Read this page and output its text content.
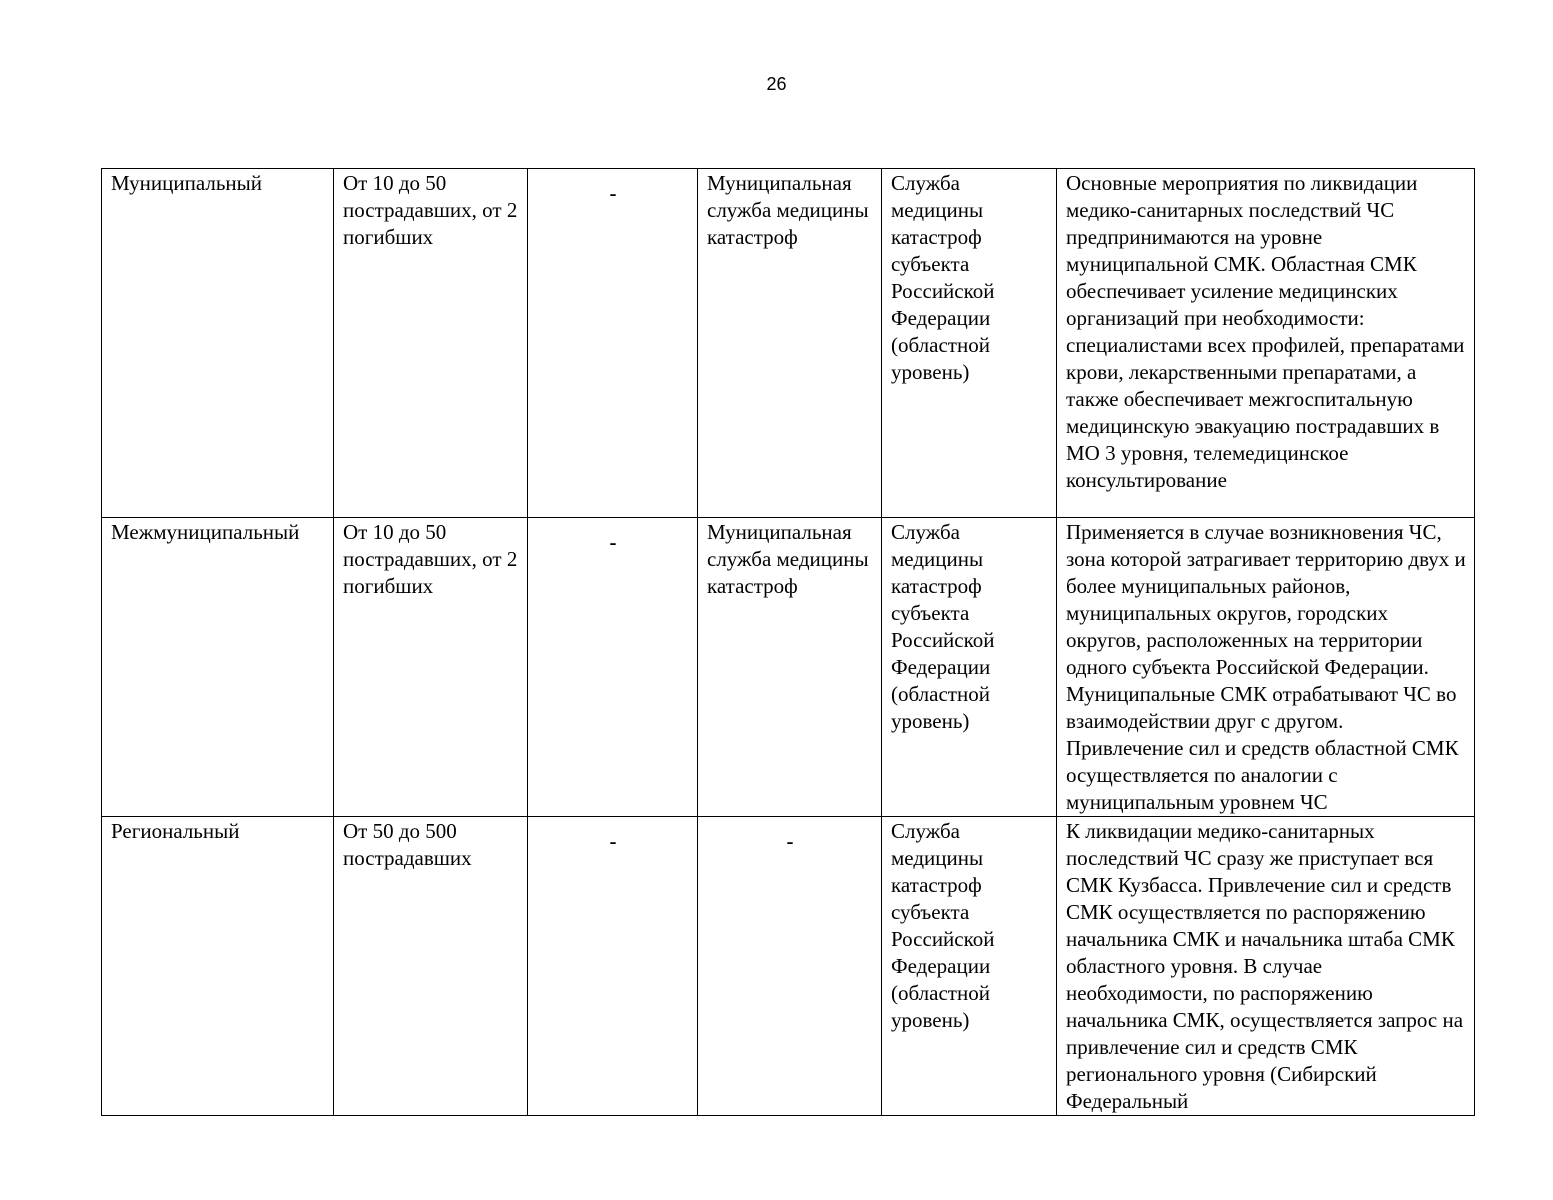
26
Муниципальный	От 10 до 50 пострадавших, от 2 погибших	-	Муниципальная служба медицины катастроф	Служба медицины катастроф субъекта Российской Федерации (областной уровень)	Основные мероприятия по ликвидации медико-санитарных последствий ЧС предпринимаются на уровне муниципальной СМК. Областная СМК обеспечивает усиление медицинских организаций при необходимости: специалистами всех профилей, препаратами крови, лекарственными препаратами, а также обеспечивает межгоспитальную медицинскую эвакуацию пострадавших в МО 3 уровня, телемедицинское консультирование
Межмуниципальный	От 10 до 50 пострадавших, от 2 погибших	-	Муниципальная служба медицины катастроф	Служба медицины катастроф субъекта Российской Федерации (областной уровень)	Применяется в случае возникновения ЧС, зона которой затрагивает территорию двух и более муниципальных районов, муниципальных округов, городских округов, расположенных на территории одного субъекта Российской Федерации. Муниципальные СМК отрабатывают ЧС во взаимодействии друг с другом. Привлечение сил и средств областной СМК осуществляется по аналогии с муниципальным уровнем ЧС
Региональный	От 50 до 500 пострадавших	-	-	Служба медицины катастроф субъекта Российской Федерации (областной уровень)	К ликвидации медико-санитарных последствий ЧС сразу же приступает вся СМК Кузбасса. Привлечение сил и средств СМК осуществляется по распоряжению начальника СМК и начальника штаба СМК областного уровня. В случае необходимости, по распоряжению начальника СМК, осуществляется запрос на привлечение сил и средств СМК регионального уровня (Сибирский Федеральный
